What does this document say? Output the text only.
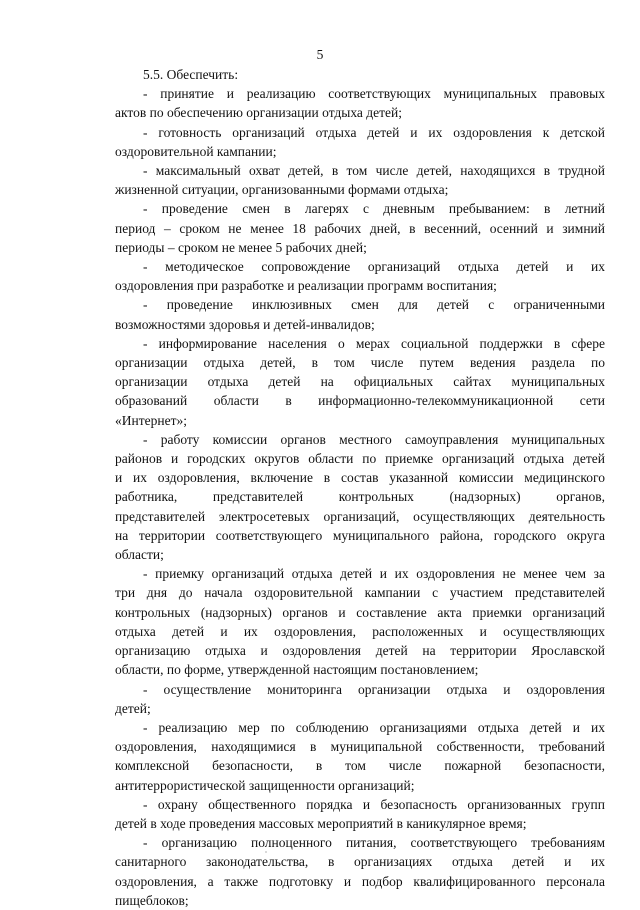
5
5.5. Обеспечить:
- принятие и реализацию соответствующих муниципальных правовых
актов по обеспечению организации отдыха детей;
- готовность организаций отдыха детей и их оздоровления к детской
оздоровительной кампании;
- максимальный охват детей, в том числе детей, находящихся в трудной
жизненной ситуации, организованными формами отдыха;
- проведение смен в лагерях с дневным пребыванием: в летний
период – сроком не менее 18 рабочих дней, в весенний, осенний и зимний
периоды – сроком не менее 5 рабочих дней;
- методическое сопровождение организаций отдыха детей и их
оздоровления при разработке и реализации программ воспитания;
- проведение инклюзивных смен для детей с ограниченными
возможностями здоровья и детей-инвалидов;
- информирование населения о мерах социальной поддержки в сфере
организации отдыха детей, в том числе путем ведения раздела по
организации отдыха детей на официальных сайтах муниципальных
образований области в информационно-телекоммуникационной сети
«Интернет»;
- работу комиссии органов местного самоуправления муниципальных
районов и городских округов области по приемке организаций отдыха детей
и их оздоровления, включение в состав указанной комиссии медицинского
работника, представителей контрольных (надзорных) органов,
представителей электросетевых организаций, осуществляющих деятельность
на территории соответствующего муниципального района, городского округа
области;
- приемку организаций отдыха детей и их оздоровления не менее чем за
три дня до начала оздоровительной кампании с участием представителей
контрольных (надзорных) органов и составление акта приемки организаций
отдыха детей и их оздоровления, расположенных и осуществляющих
организацию отдыха и оздоровления детей на территории Ярославской
области, по форме, утвержденной настоящим постановлением;
- осуществление мониторинга организации отдыха и оздоровления
детей;
- реализацию мер по соблюдению организациями отдыха детей и их
оздоровления, находящимися в муниципальной собственности, требований
комплексной безопасности, в том числе пожарной безопасности,
антитеррористической защищенности организаций;
- охрану общественного порядка и безопасность организованных групп
детей в ходе проведения массовых мероприятий в каникулярное время;
- организацию полноценного питания, соответствующего требованиям
санитарного законодательства, в организациях отдыха детей и их
оздоровления, а также подготовку и подбор квалифицированного персонала
пищеблоков;
